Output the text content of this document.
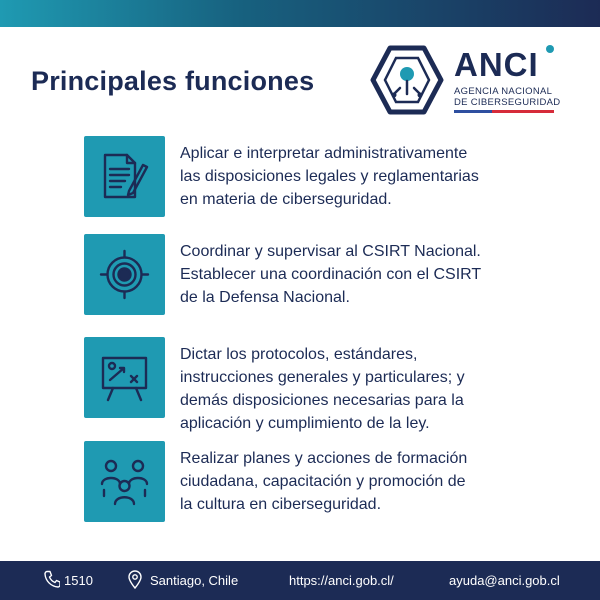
Principales funciones	ANCI
AGENCIA NACIONAL
DE CIBERSEGURIDAD
Aplicar e interpretar administrativamente
las disposiciones legales y reglamentarias
en materia de ciberseguridad.
Coordinar y supervisar al CSIRT Nacional.
Establecer una coordinación con el CSIRT
de la Defensa Nacional.
Dictar los protocolos, estándares,
instrucciones generales y particulares; y
demás disposiciones necesarias para la
aplicación y cumplimiento de la ley.
Realizar planes y acciones de formación
ciudadana, capacitación y promoción de
la cultura en ciberseguridad.
1510	Santiago, Chile	https://anci.gob.cl/	ayuda@anci.gob.cl
